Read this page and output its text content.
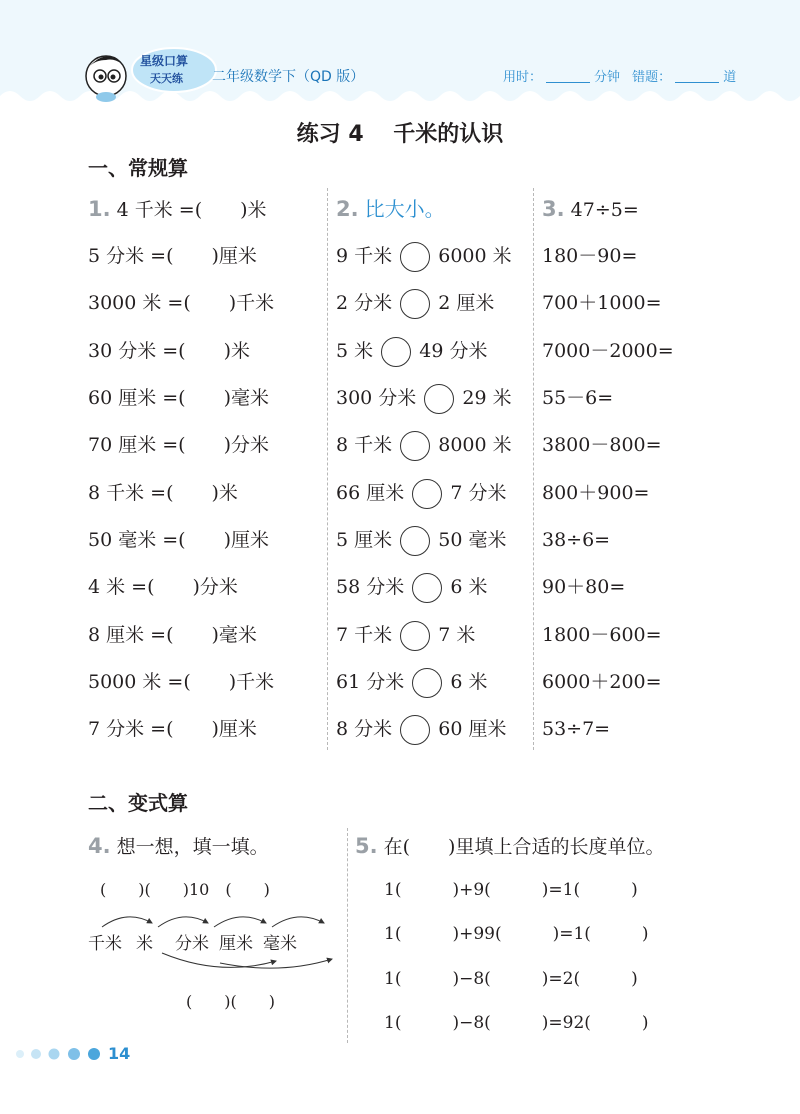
星级口算
天天练 二年级数学下（QD 版）	用时：	分钟 错题：	道
练习 4　 千米的认识
一、常规算
1. 4 千米 =(　　)米
5 分米 =(　　)厘米
3000 米 =(　　)千米
30 分米 =(　　)米
60 厘米 =(　　)毫米
70 厘米 =(　　)分米
8 千米 =(　　)米
50 毫米 =(　　)厘米
4 米 =(　　)分米
8 厘米 =(　　)毫米
5000 米 =(　　)千米
7 分米 =(　　)厘米
2. 比大小。
9 千米 6000 米
2 分米 2 厘米
5 米 49 分米
300 分米 29 米
8 千米 8000 米
66 厘米 7 分米
5 厘米 50 毫米
58 分米 6 米
7 千米 7 米
61 分米 6 米
8 分米 60 厘米
3. 47÷5=
180－90=
700＋1000=
7000－2000=
55－6=
3800－800=
800＋900=
38÷6=
90＋80=
1800－600=
6000＋200=
53÷7=
二、变式算
4. 想一想，填一填。
(　　)(　　)10　(　　)
千米 米 分米 厘米 毫米
(　　)(　　)
5. 在(　　)里填上合适的长度单位。
1(　　　)+9(　　　)=1(　　　)
1(　　　)+99(　　　)=1(　　　)
1(　　　)−8(　　　)=2(　　　)
1(　　　)−8(　　　)=92(　　　)
14
